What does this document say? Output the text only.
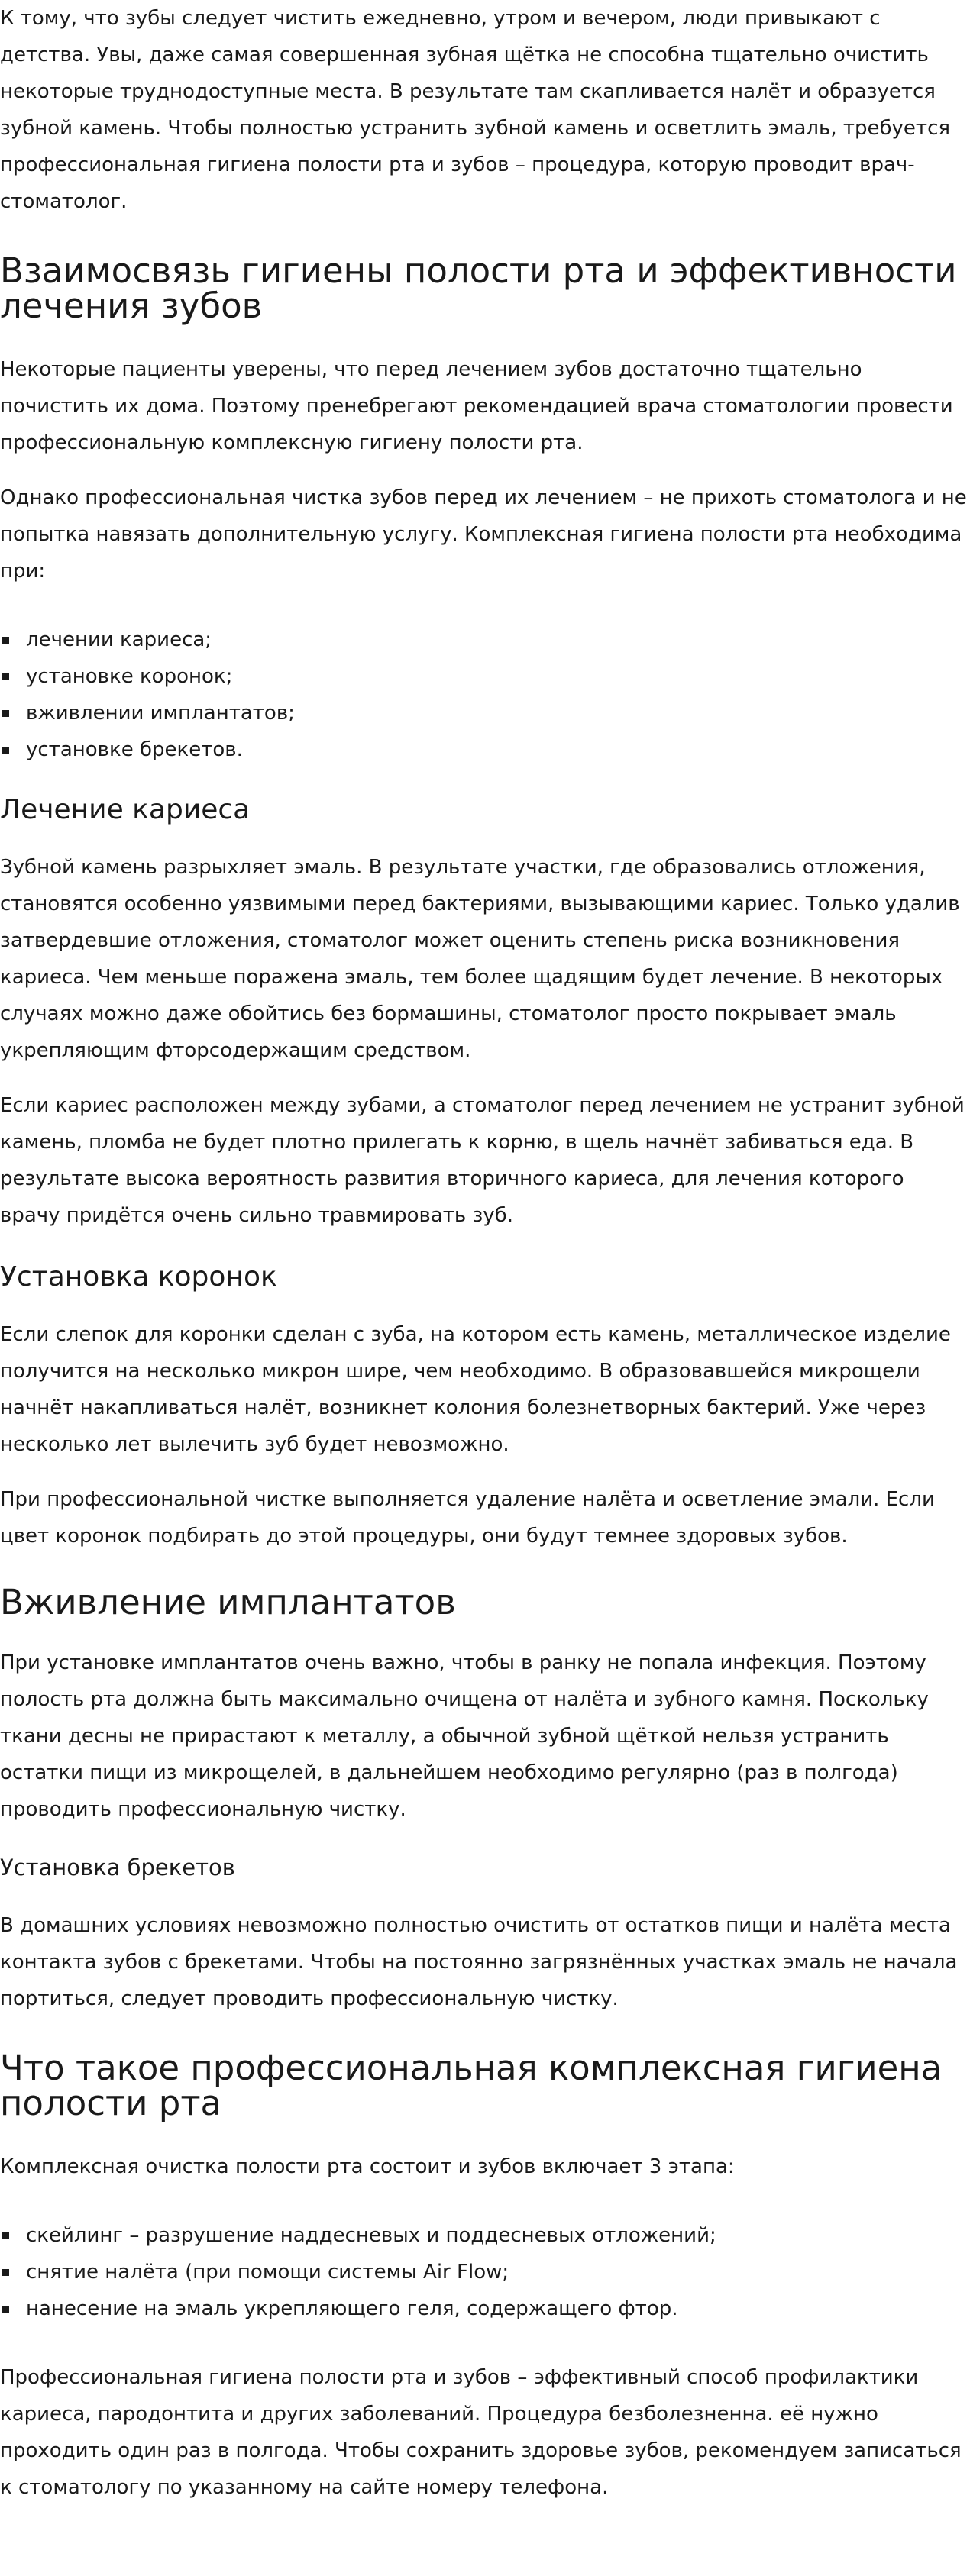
К тому, что зубы следует чистить ежедневно, утром и вечером, люди привыкают с детства. Увы, даже самая совершенная зубная щётка не способна тщательно очистить некоторые труднодоступные места. В результате там скапливается налёт и образуется зубной камень. Чтобы полностью устранить зубной камень и осветлить эмаль, требуется профессиональная гигиена полости рта и зубов – процедура, которую проводит врач-стоматолог.

Взаимосвязь гигиены полости рта и эффективности лечения зубов

Некоторые пациенты уверены, что перед лечением зубов достаточно тщательно почистить их дома. Поэтому пренебрегают рекомендацией врача стоматологии провести профессиональную комплексную гигиену полости рта.

Однако профессиональная чистка зубов перед их лечением – не прихоть стоматолога и не попытка навязать дополнительную услугу. Комплексная гигиена полости рта необходима при:

лечении кариеса;
установке коронок;
вживлении имплантатов;
установке брекетов.
Лечение кариеса

Зубной камень разрыхляет эмаль. В результате участки, где образовались отложения, становятся особенно уязвимыми перед бактериями, вызывающими кариес. Только удалив затвердевшие отложения, стоматолог может оценить степень риска возникновения кариеса. Чем меньше поражена эмаль, тем более щадящим будет лечение. В некоторых случаях можно даже обойтись без бормашины, стоматолог просто покрывает эмаль укрепляющим фторсодержащим средством.

Если кариес расположен между зубами, а стоматолог перед лечением не устранит зубной камень, пломба не будет плотно прилегать к корню, в щель начнёт забиваться еда. В результате высока вероятность развития вторичного кариеса, для лечения которого врачу придётся очень сильно травмировать зуб.

Установка коронок

Если слепок для коронки сделан с зуба, на котором есть камень, металлическое изделие получится на несколько микрон шире, чем необходимо. В образовавшейся микрощели начнёт накапливаться налёт, возникнет колония болезнетворных бактерий. Уже через несколько лет вылечить зуб будет невозможно.

При профессиональной чистке выполняется удаление налёта и осветление эмали. Если цвет коронок подбирать до этой процедуры, они будут темнее здоровых зубов.

Вживление имплантатов

При установке имплантатов очень важно, чтобы в ранку не попала инфекция. Поэтому полость рта должна быть максимально очищена от налёта и зубного камня. Поскольку ткани десны не прирастают к металлу, а обычной зубной щёткой нельзя устранить остатки пищи из микрощелей, в дальнейшем необходимо регулярно (раз в полгода) проводить профессиональную чистку.

Установка брекетов

В домашних условиях невозможно полностью очистить от остатков пищи и налёта места контакта зубов с брекетами. Чтобы на постоянно загрязнённых участках эмаль не начала портиться, следует проводить профессиональную чистку.

Что такое профессиональная комплексная гигиена полости рта

Комплексная очистка полости рта состоит и зубов включает 3 этапа:

скейлинг – разрушение наддесневых и поддесневых отложений;
снятие налёта (при помощи системы Air Flow;
нанесение на эмаль укрепляющего геля, содержащего фтор.

Профессиональная гигиена полости рта и зубов – эффективный способ профилактики кариеса, пародонтита и других заболеваний. Процедура безболезненна. её нужно проходить один раз в полгода. Чтобы сохранить здоровье зубов, рекомендуем записаться к стоматологу по указанному на сайте номеру телефона.
